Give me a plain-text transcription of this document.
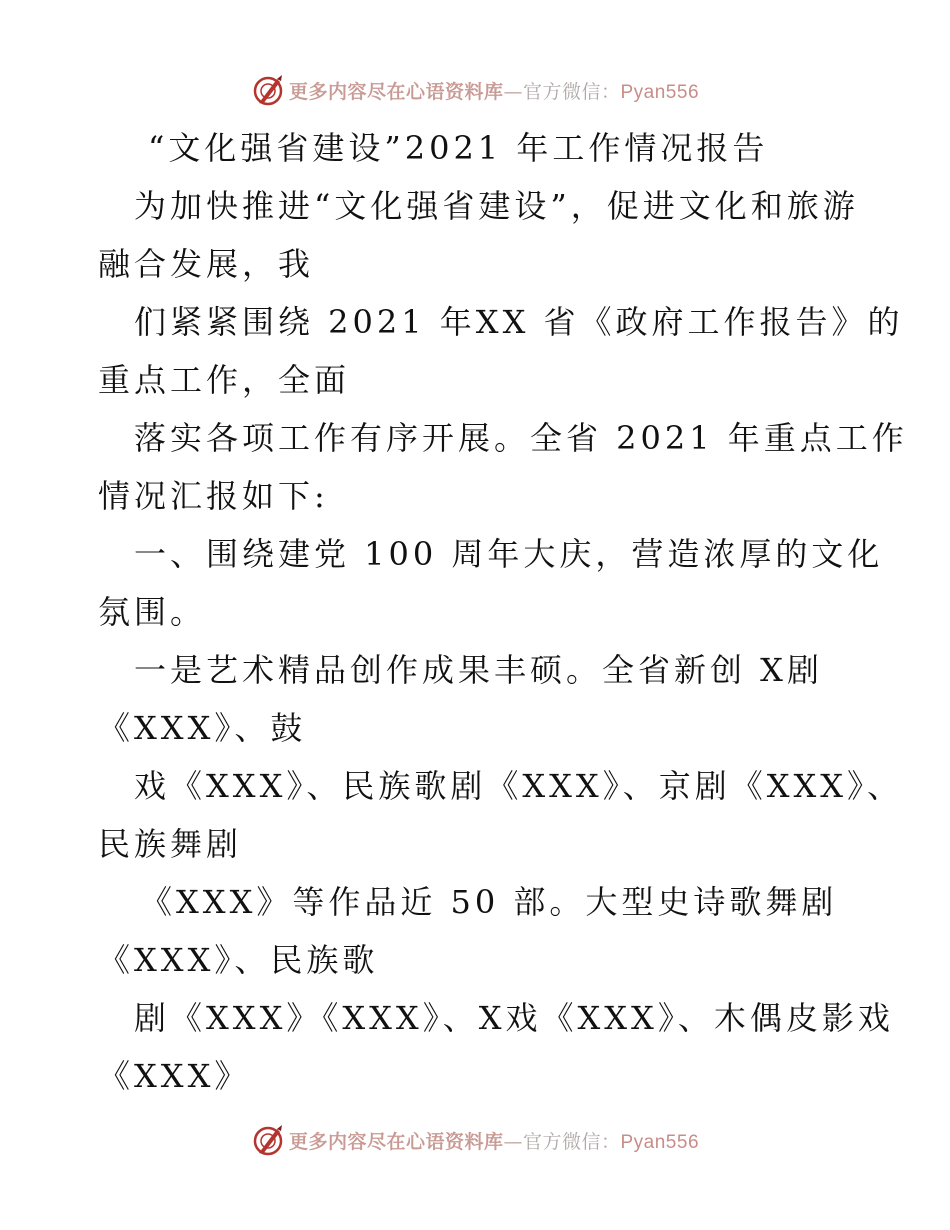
更多内容尽在心语资料库—官方微信：Pyan556
“文化强省建设”2021 年工作情况报告
为加快推进“文化强省建设”，促进文化和旅游
融合发展，我
们紧紧围绕 2021 年XX 省《政府工作报告》的
重点工作，全面
落实各项工作有序开展。全省 2021 年重点工作
情况汇报如下:
一、围绕建党 100 周年大庆，营造浓厚的文化
氛围。
一是艺术精品创作成果丰硕。全省新创 X剧
《XXX》、鼓
戏《XXX》、民族歌剧《XXX》、京剧《XXX》、
民族舞剧
《XXX》等作品近 50 部。大型史诗歌舞剧
《XXX》、民族歌
剧《XXX》《XXX》、X戏《XXX》、木偶皮影戏
《XXX》
更多内容尽在心语资料库—官方微信：Pyan556
